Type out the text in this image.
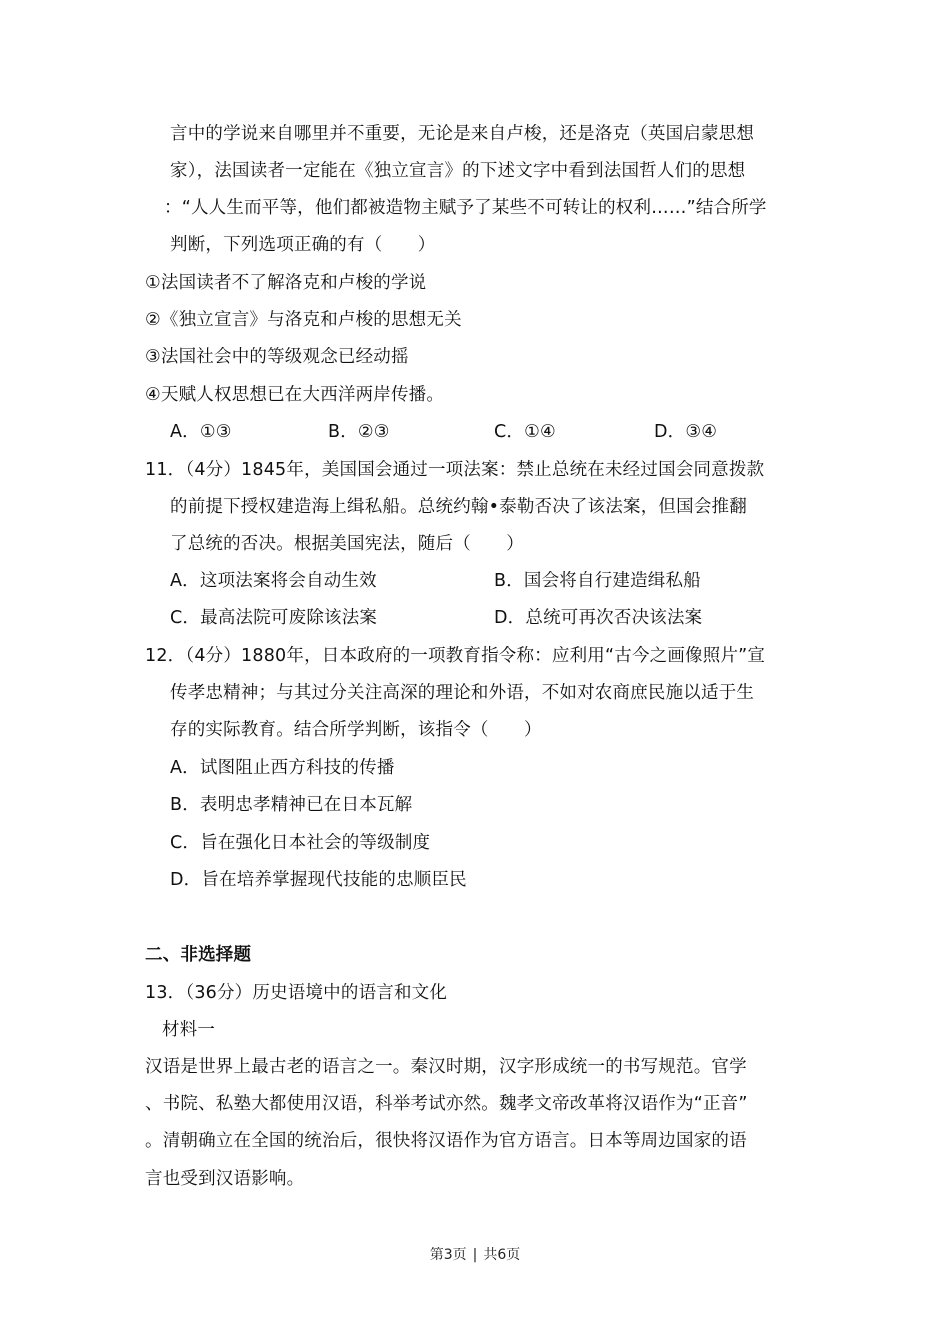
言中的学说来自哪里并不重要，无论是来自卢梭，还是洛克（英国启蒙思想
家），法国读者一定能在《独立宣言》的下述文字中看到法国哲人们的思想
：“人人生而平等，他们都被造物主赋予了某些不可转让的权利……”结合所学
判断，下列选项正确的有（　　）
①法国读者不了解洛克和卢梭的学说
②《独立宣言》与洛克和卢梭的思想无关
③法国社会中的等级观念已经动摇
④天赋人权思想已在大西洋两岸传播。
A．①③	B．②③	C．①④	D．③④
11．（4分）1845年，美国国会通过一项法案：禁止总统在未经过国会同意拨款
的前提下授权建造海上缉私船。总统约翰•泰勒否决了该法案，但国会推翻
了总统的否决。根据美国宪法，随后（　　）
A．这项法案将会自动生效	B．国会将自行建造缉私船
C．最高法院可废除该法案	D．总统可再次否决该法案
12．（4分）1880年，日本政府的一项教育指令称：应利用“古今之画像照片”宣
传孝忠精神；与其过分关注高深的理论和外语，不如对农商庶民施以适于生
存的实际教育。结合所学判断，该指令（　　）
A．试图阻止西方科技的传播
B．表明忠孝精神已在日本瓦解
C．旨在强化日本社会的等级制度
D．旨在培养掌握现代技能的忠顺臣民
二、非选择题
13．（36分）历史语境中的语言和文化
材料一
汉语是世界上最古老的语言之一。秦汉时期，汉字形成统一的书写规范。官学
、书院、私塾大都使用汉语，科举考试亦然。魏孝文帝改革将汉语作为“正音”
。清朝确立在全国的统治后，很快将汉语作为官方语言。日本等周边国家的语
言也受到汉语影响。
第3页 | 共6页
